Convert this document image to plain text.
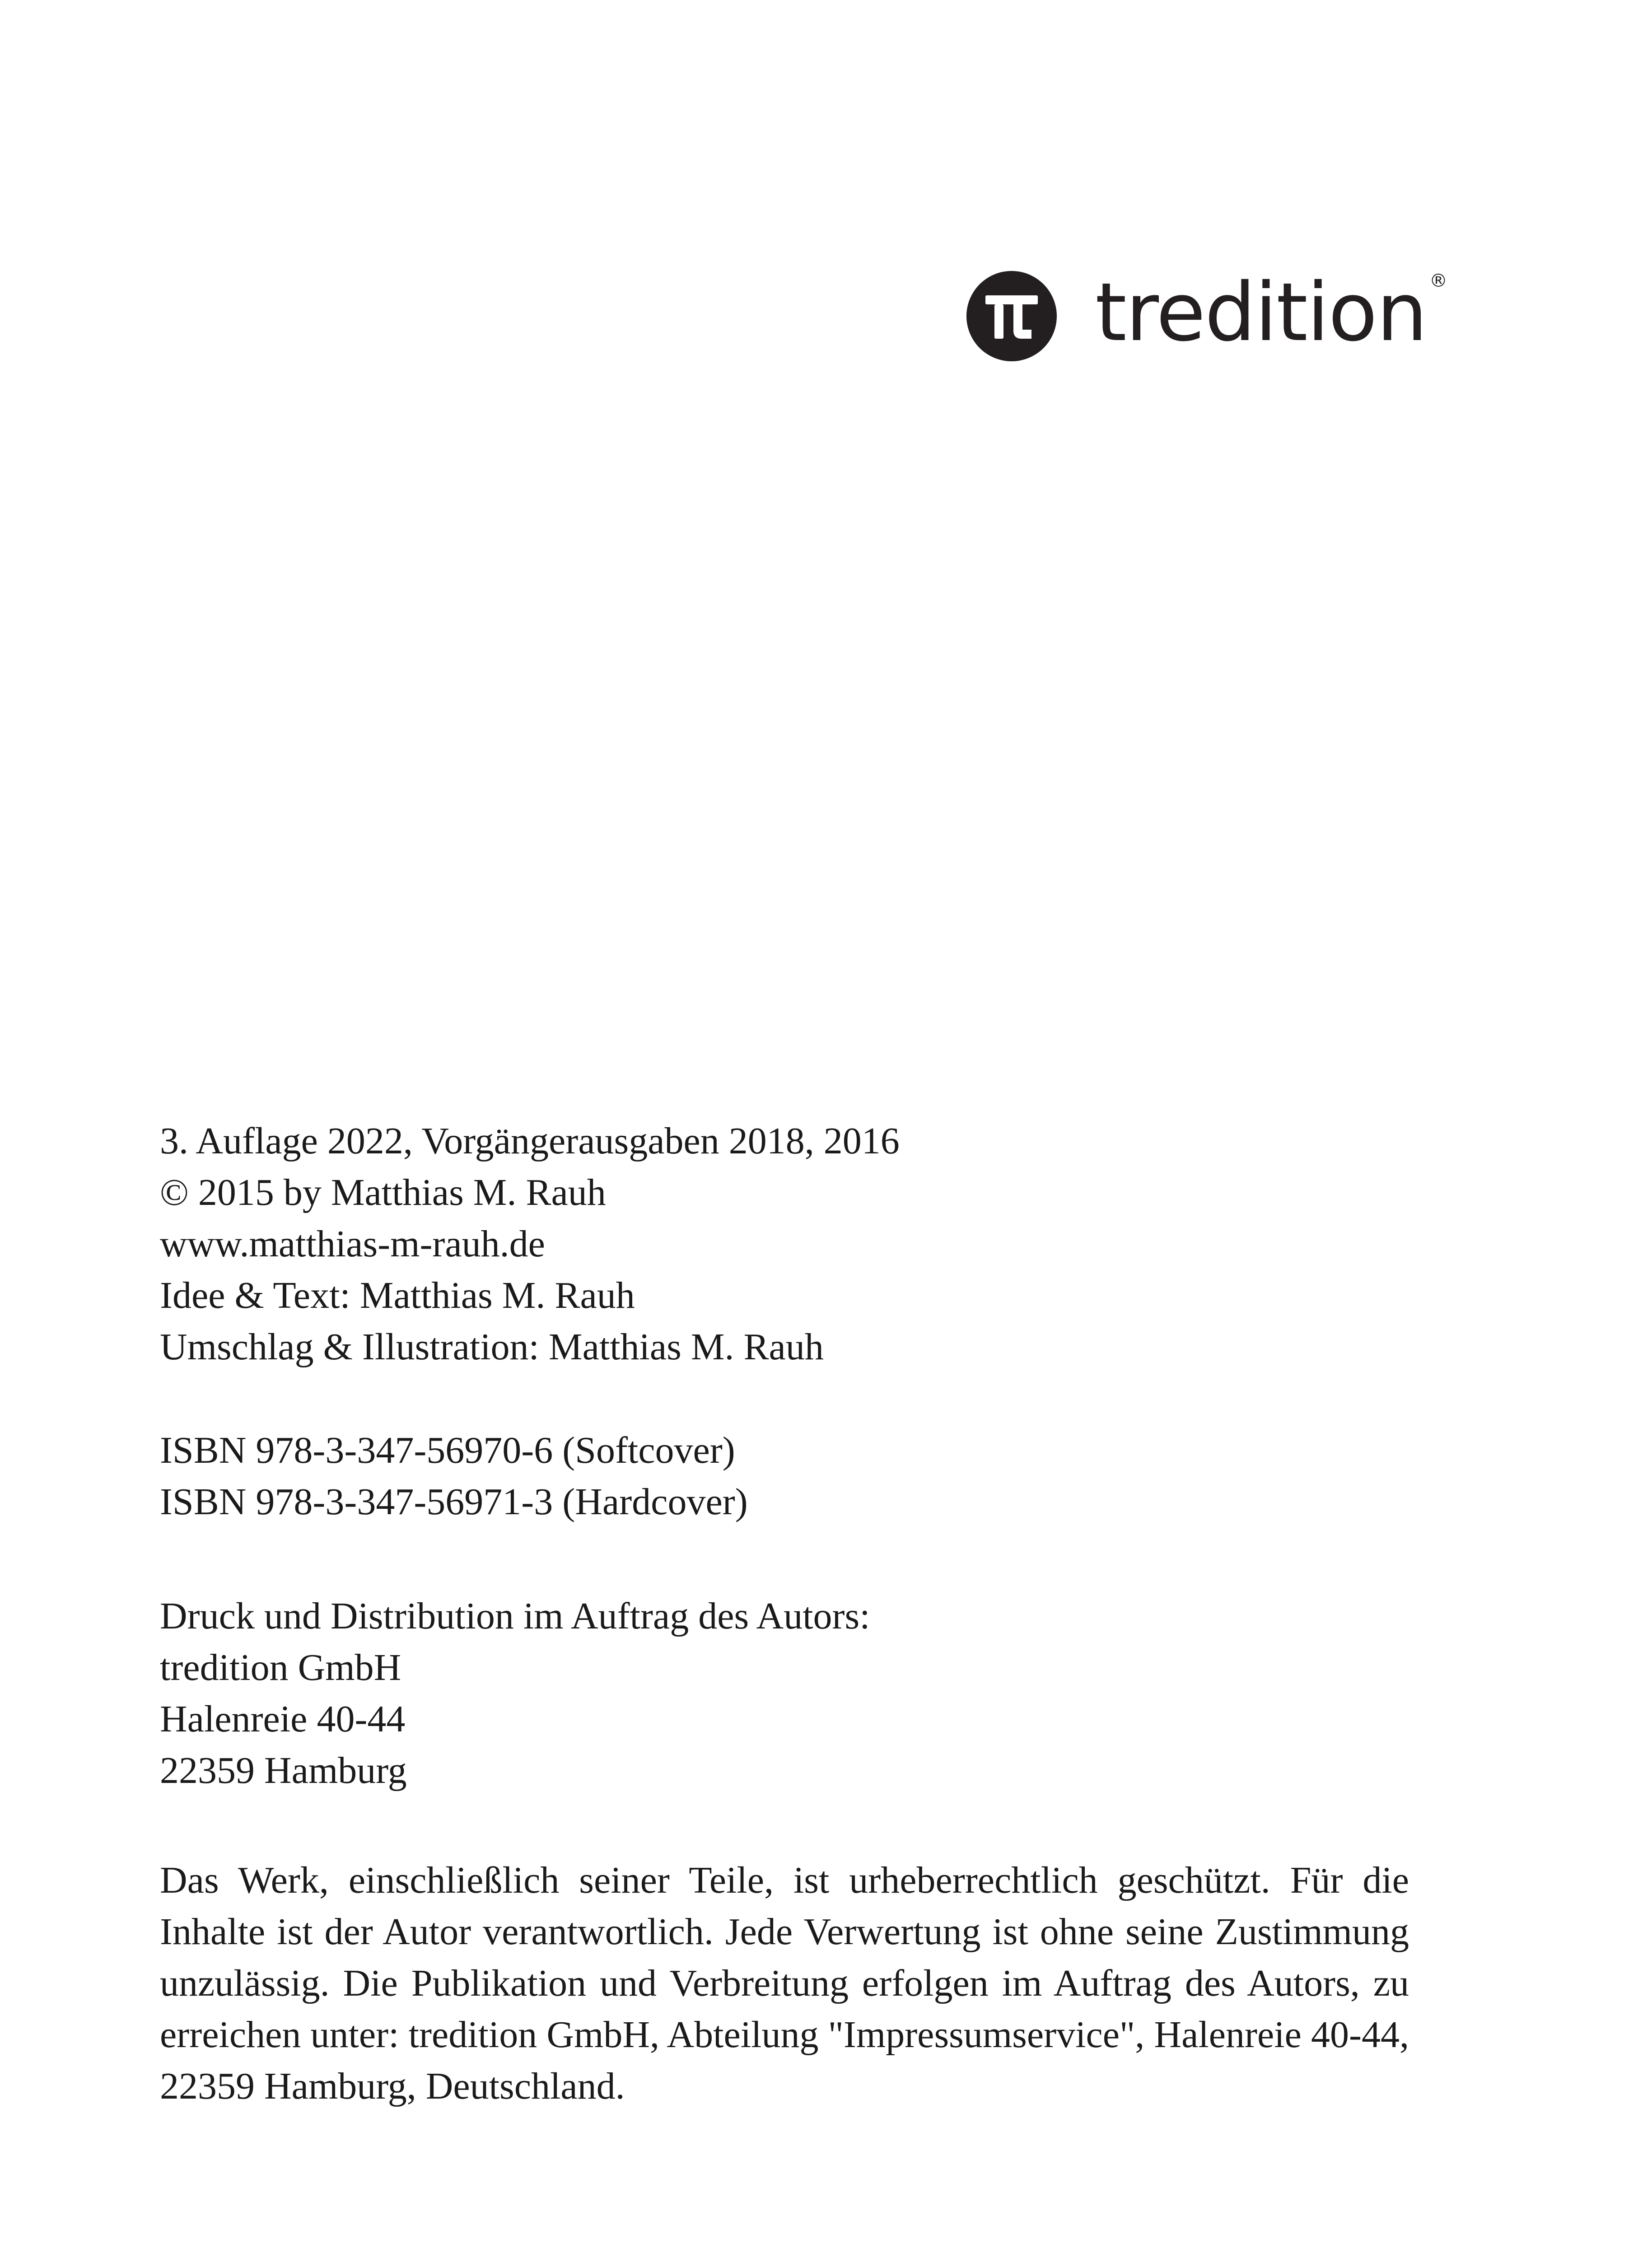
tredition ®
3. Auflage 2022, Vorgängerausgaben 2018, 2016
© 2015 by Matthias M. Rauh
www.matthias-m-rauh.de
Idee & Text: Matthias M. Rauh
Umschlag & Illustration: Matthias M. Rauh
ISBN 978-3-347-56970-6 (Softcover)
ISBN 978-3-347-56971-3 (Hardcover)
Druck und Distribution im Auftrag des Autors:
tredition GmbH
Halenreie 40-44
22359 Hamburg

Das Werk, einschließlich seiner Teile, ist urheberrechtlich geschützt. Für die Inhalte ist der Autor verantwortlich. Jede Verwertung ist ohne seine Zustimmung unzulässig. Die Publikation und Verbreitung erfolgen im Auftrag des Autors, zu erreichen unter: tredition GmbH, Abteilung "Impressumservice", Halenreie 40-44, 22359 Hamburg, Deutschland.
